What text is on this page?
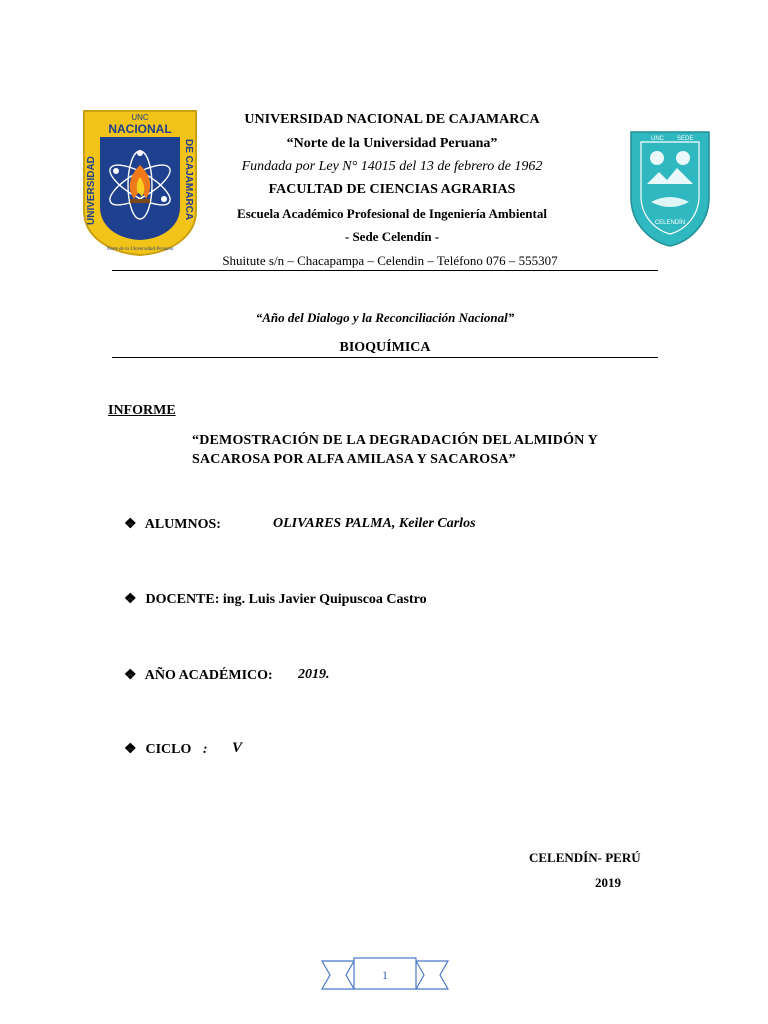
UNC
NACIONAL
UNIVERSIDAD	DE CAJAMARCA
Norte de la Universidad Peruana
UNC SEDE
CELENDÍN
UNIVERSIDAD NACIONAL DE CAJAMARCA
“Norte de la Universidad Peruana”
Fundada por Ley N° 14015 del 13 de febrero de 1962
FACULTAD DE CIENCIAS AGRARIAS
Escuela Académico Profesional de Ingeniería Ambiental
- Sede Celendín -
Shuitute s/n – Chacapampa – Celendin – Teléfono 076 – 555307
“Año del Dialogo y la Reconciliación Nacional”
BIOQUÍMICA
INFORME
“DEMOSTRACIÓN DE LA DEGRADACIÓN DEL ALMIDÓN Y
SACAROSA POR ALFA AMILASA Y SACAROSA”
❖ ALUMNOS:	OLIVARES PALMA, Keiler Carlos
❖ DOCENTE: ing. Luis Javier Quipuscoa Castro
❖ AÑO ACADÉMICO: 2019.
❖ CICLO : V
CELENDÍN- PERÚ
2019
1
